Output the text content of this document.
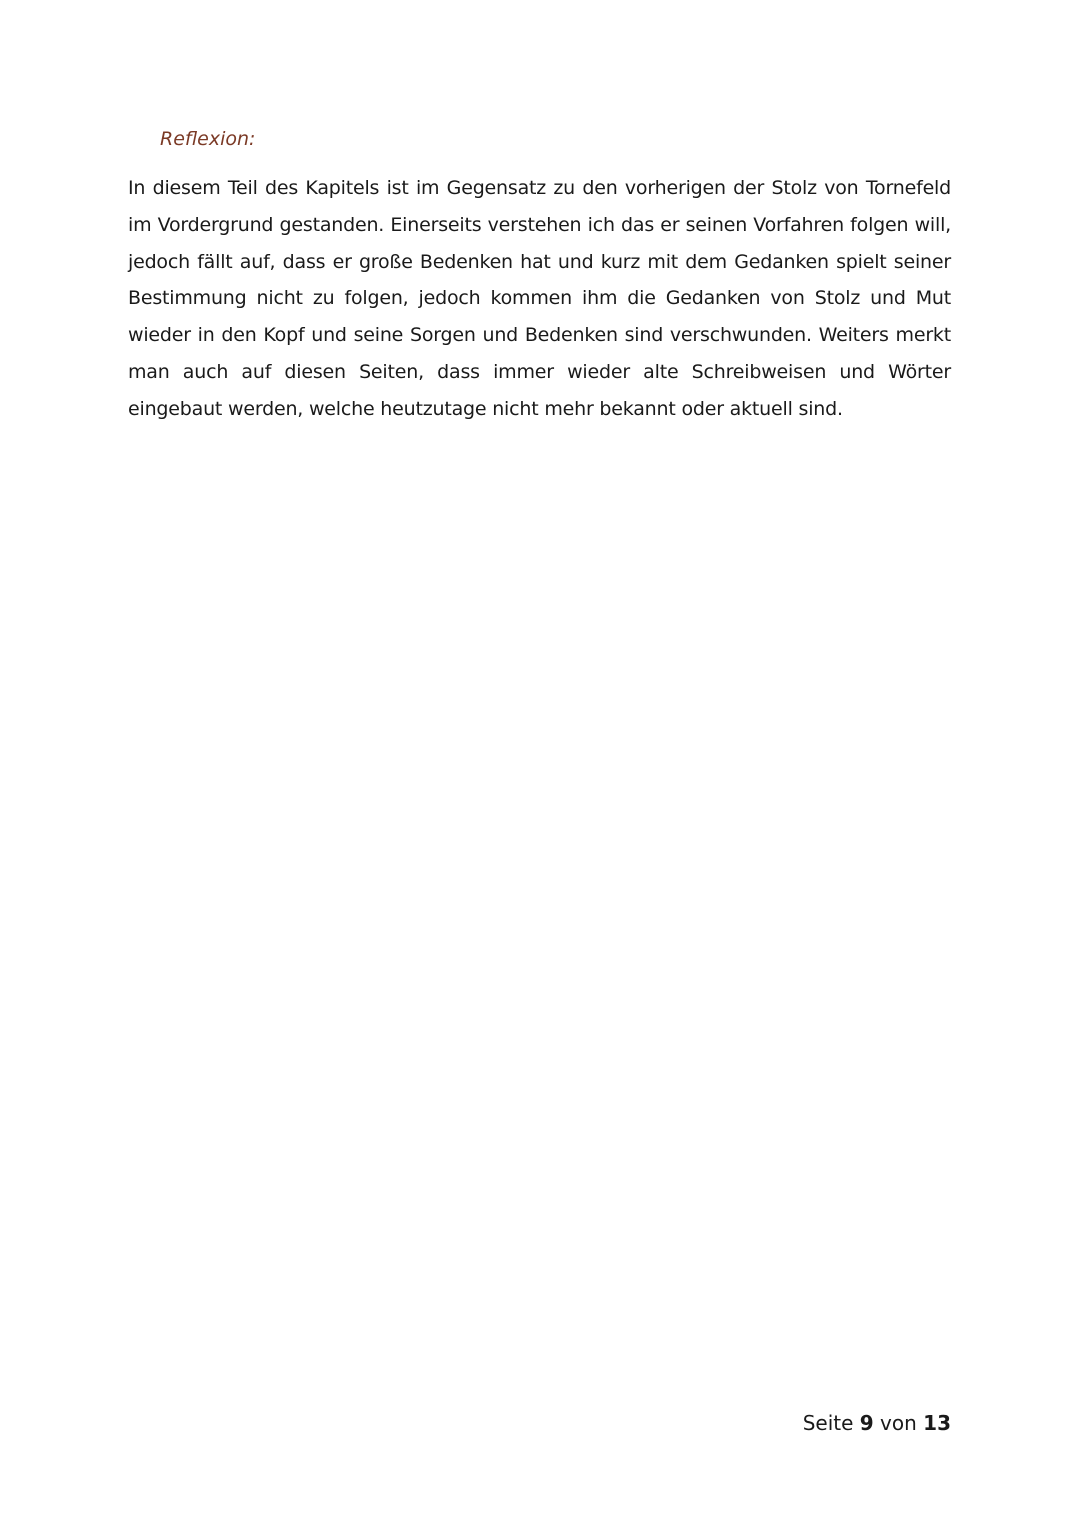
Reflexion:

In diesem Teil des Kapitels ist im Gegensatz zu den vorherigen der Stolz von Tornefeld im Vordergrund gestanden. Einerseits verstehen ich das er seinen Vorfahren folgen will, jedoch fällt auf, dass er große Bedenken hat und kurz mit dem Gedanken spielt seiner Bestimmung nicht zu folgen, jedoch kommen ihm die Gedanken von Stolz und Mut wieder in den Kopf und seine Sorgen und Bedenken sind verschwunden. Weiters merkt man auch auf diesen Seiten, dass immer wieder alte Schreibweisen und Wörter eingebaut werden, welche heutzutage nicht mehr bekannt oder aktuell sind.

Seite 9 von 13
